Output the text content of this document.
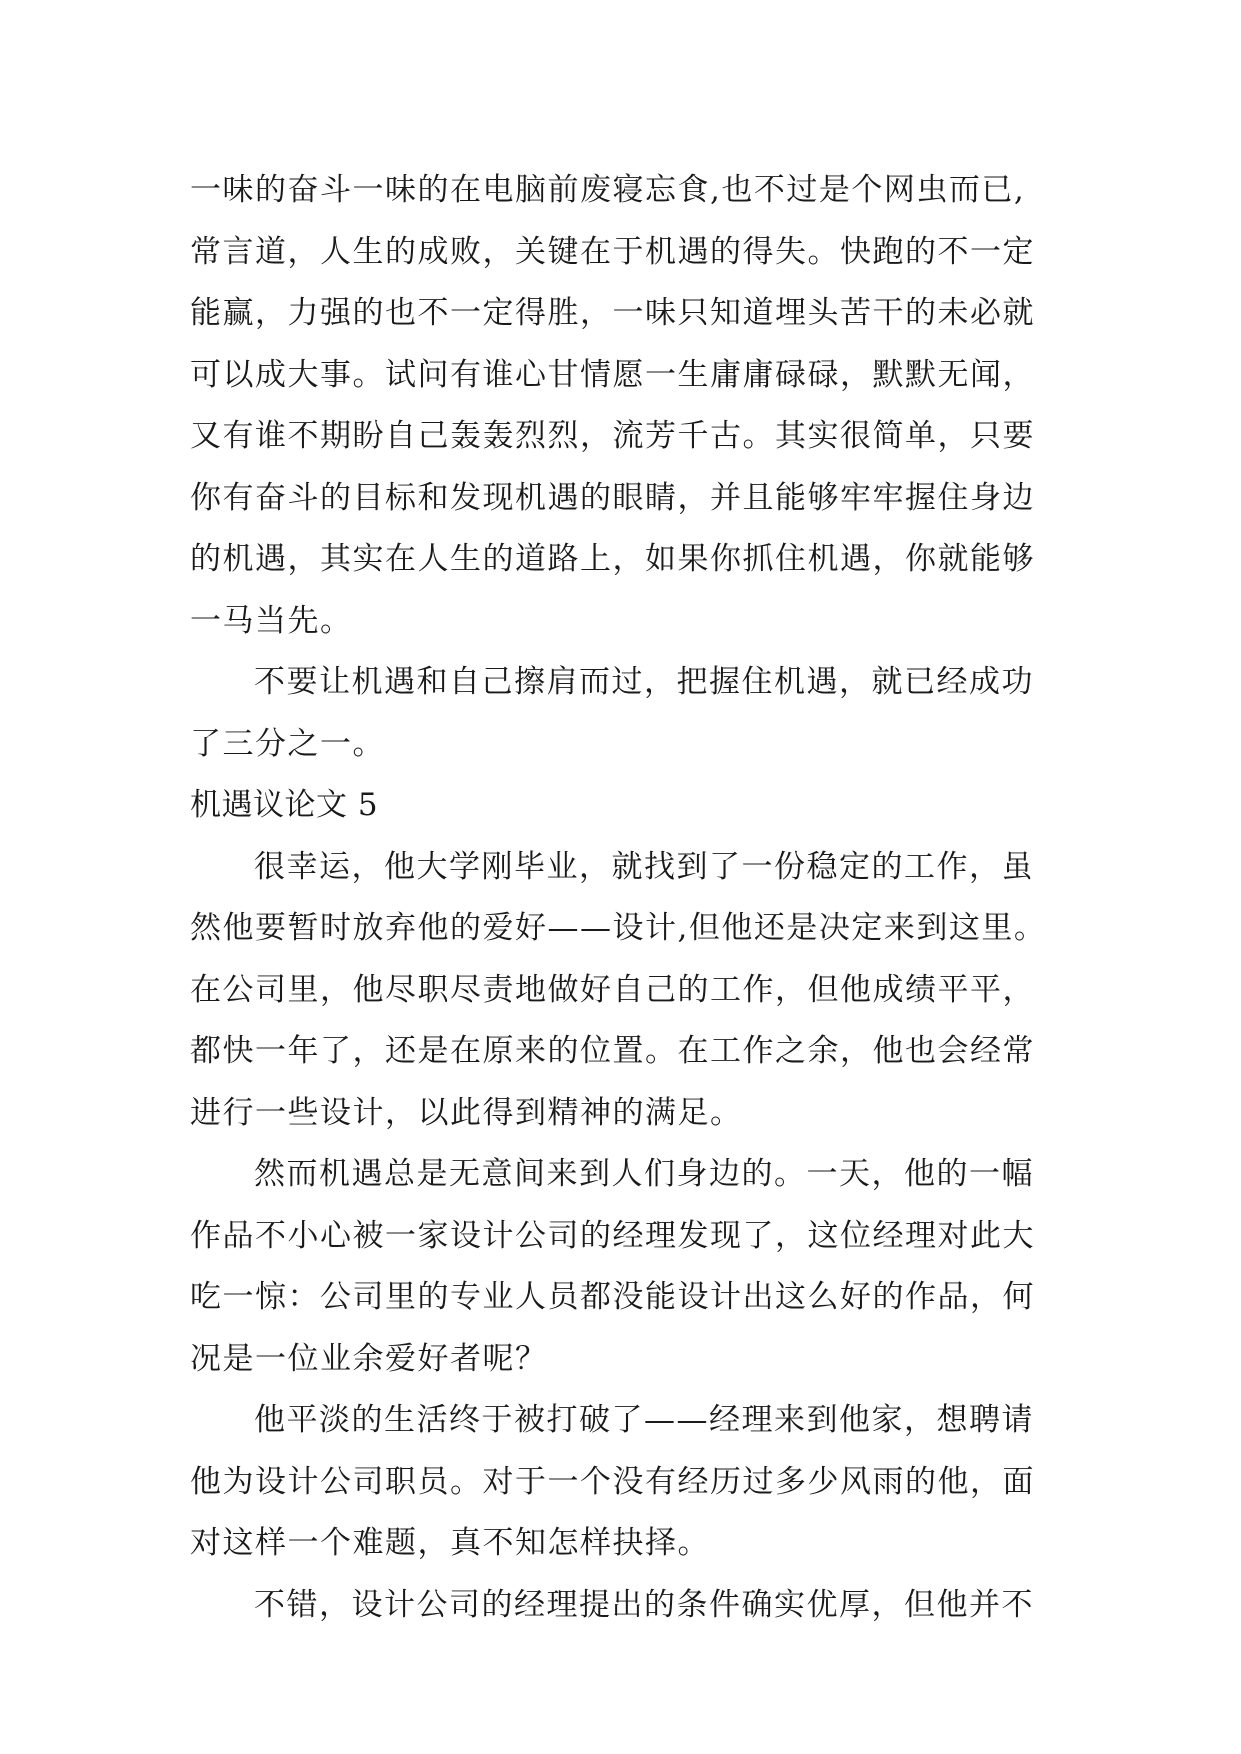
一味的奋斗一味的在电脑前废寝忘食,也不过是个网虫而已,
常言道，人生的成败，关键在于机遇的得失。快跑的不一定
能赢，力强的也不一定得胜，一味只知道埋头苦干的未必就
可以成大事。试问有谁心甘情愿一生庸庸碌碌，默默无闻，
又有谁不期盼自己轰轰烈烈，流芳千古。其实很简单，只要
你有奋斗的目标和发现机遇的眼睛，并且能够牢牢握住身边
的机遇，其实在人生的道路上，如果你抓住机遇，你就能够
一马当先。
不要让机遇和自己擦肩而过，把握住机遇，就已经成功
了三分之一。
机遇议论文 5
很幸运，他大学刚毕业，就找到了一份稳定的工作，虽
然他要暂时放弃他的爱好——设计,但他还是决定来到这里。
在公司里，他尽职尽责地做好自己的工作，但他成绩平平，
都快一年了，还是在原来的位置。在工作之余，他也会经常
进行一些设计，以此得到精神的满足。
然而机遇总是无意间来到人们身边的。一天，他的一幅
作品不小心被一家设计公司的经理发现了，这位经理对此大
吃一惊：公司里的专业人员都没能设计出这么好的作品，何
况是一位业余爱好者呢？
他平淡的生活终于被打破了——经理来到他家，想聘请
他为设计公司职员。对于一个没有经历过多少风雨的他，面
对这样一个难题，真不知怎样抉择。
不错，设计公司的经理提出的条件确实优厚，但他并不
